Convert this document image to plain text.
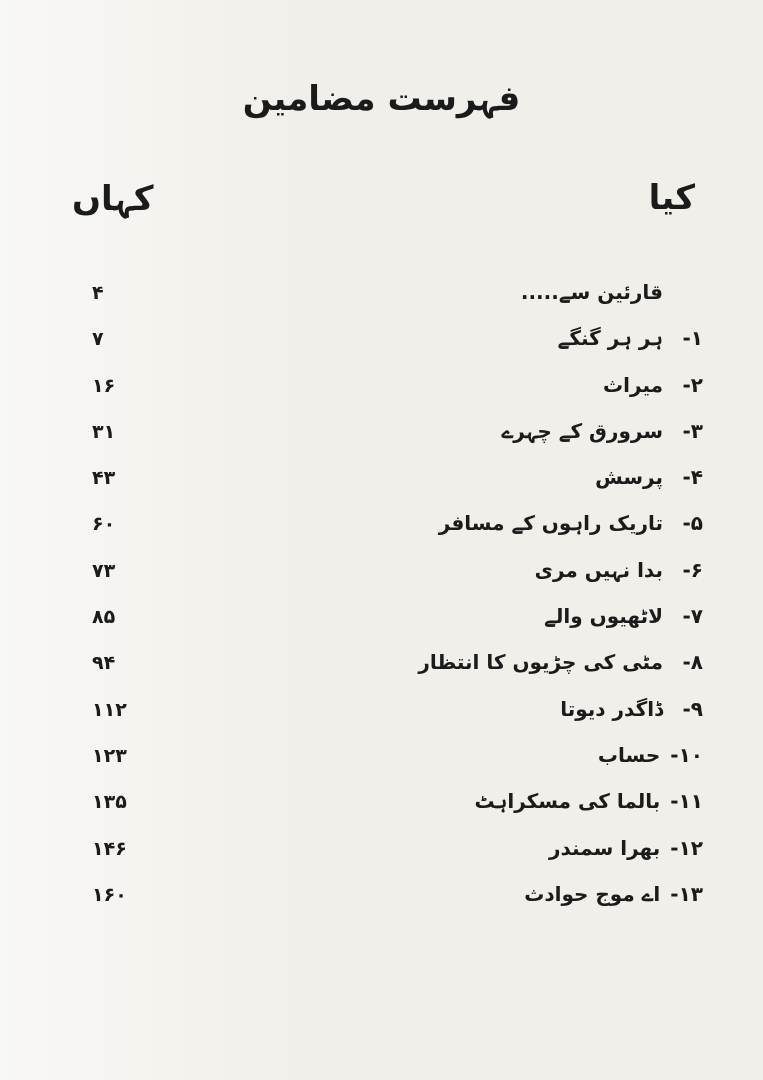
فہرست مضامین
کیا
کہاں
قارئین سے.....
۴
۱-ہر ہر گنگے
۷
۲-میراث
۱۶
۳-سرورق کے چہرے
۳۱
۴-پرسش
۴۳
۵-تاریک راہوں کے مسافر
۶۰
۶-بدا نہیں مری
۷۳
۷-لاٹھیوں والے
۸۵
۸-مٹی کی چڑیوں کا انتظار
۹۴
۹-ڈاگدر دیوتا
۱۱۲
۱۰-حساب
۱۲۳
۱۱-بالما کی مسکراہٹ
۱۳۵
۱۲-بھرا سمندر
۱۴۶
۱۳-اے موج حوادث
۱۶۰
